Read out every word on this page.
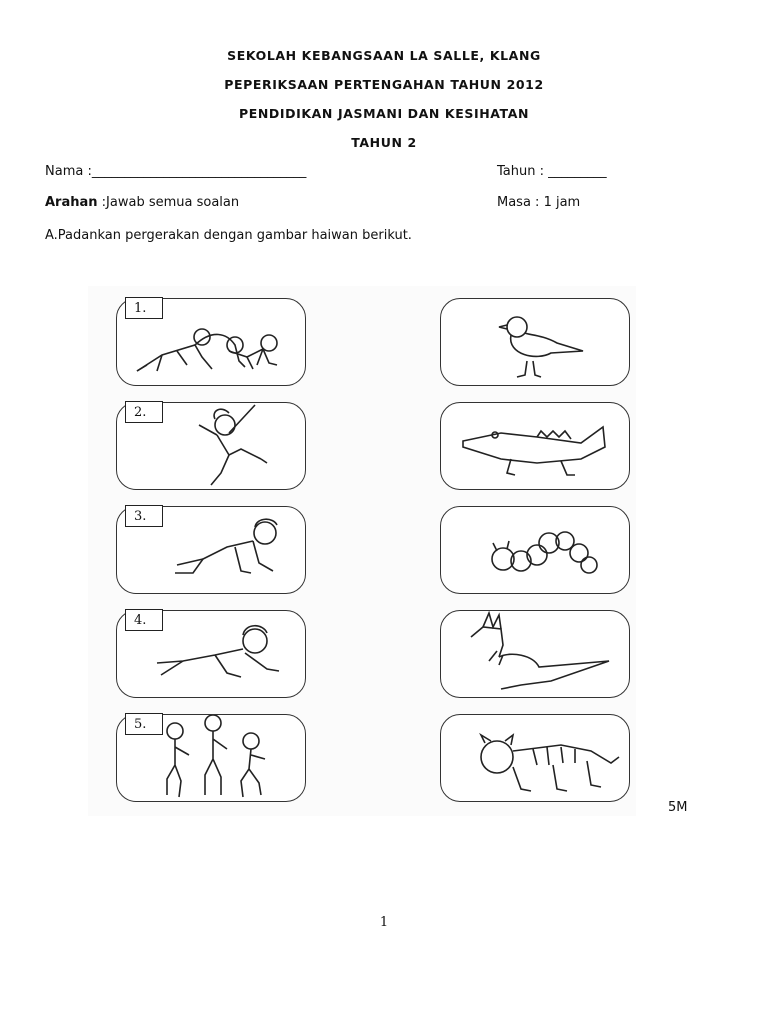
SEKOLAH KEBANGSAAN LA SALLE, KLANG
PEPERIKSAAN PERTENGAHAN TAHUN 2012
PENDIDIKAN JASMANI DAN KESIHATAN
TAHUN 2
Nama :_________________________________	Tahun : _________
Arahan :Jawab semua soalan	Masa : 1 jam
A.Padankan pergerakan dengan gambar haiwan berikut.
1.
2.
3.
4.
5.
5M
1
